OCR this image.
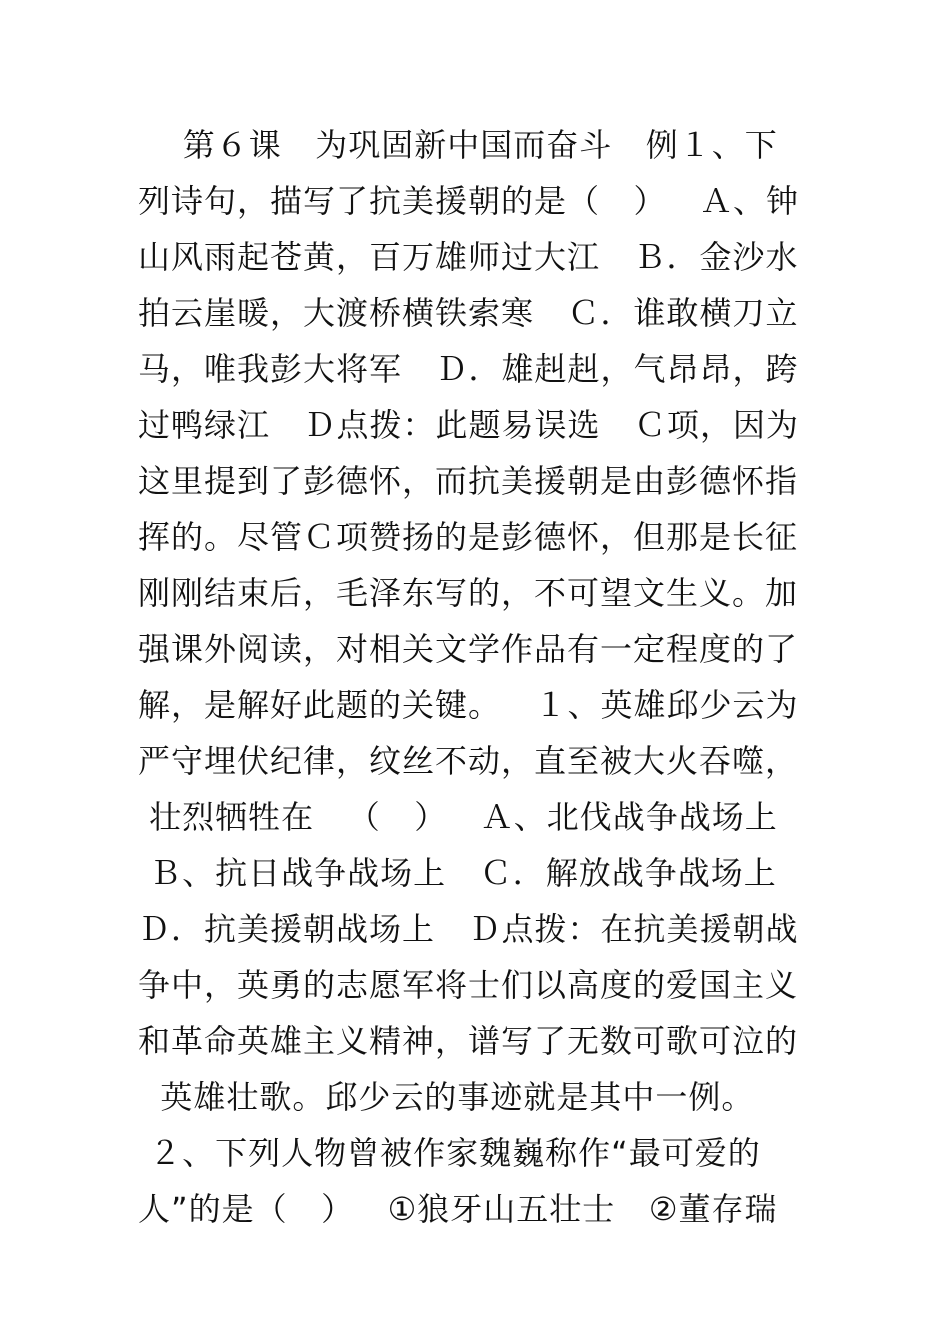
第６课   为巩固新中国而奋斗   例１、下
列诗句，描写了抗美援朝的是（   ）   Ａ、钟
山风雨起苍黄，百万雄师过大江   Ｂ．金沙水
拍云崖暖，大渡桥横铁索寒   Ｃ．谁敢横刀立
马，唯我彭大将军   Ｄ．雄赳赳，气昂昂，跨
过鸭绿江   Ｄ点拨：此题易误选   Ｃ项，因为
这里提到了彭德怀，而抗美援朝是由彭德怀指
挥的。尽管Ｃ项赞扬的是彭德怀，但那是长征
刚刚结束后，毛泽东写的，不可望文生义。加
强课外阅读，对相关文学作品有一定程度的了
解，是解好此题的关键。   １、英雄邱少云为
严守埋伏纪律，纹丝不动，直至被大火吞噬，
壮烈牺牲在   （   ）   Ａ、北伐战争战场上
Ｂ、抗日战争战场上   Ｃ．解放战争战场上
Ｄ．抗美援朝战场上   Ｄ点拨：在抗美援朝战
争中，英勇的志愿军将士们以高度的爱国主义
和革命英雄主义精神，谱写了无数可歌可泣的
英雄壮歌。邱少云的事迹就是其中一例。
２、下列人物曾被作家魏巍称作“最可爱的
人”的是（   ）   ①狼牙山五壮士   ②董存瑞
